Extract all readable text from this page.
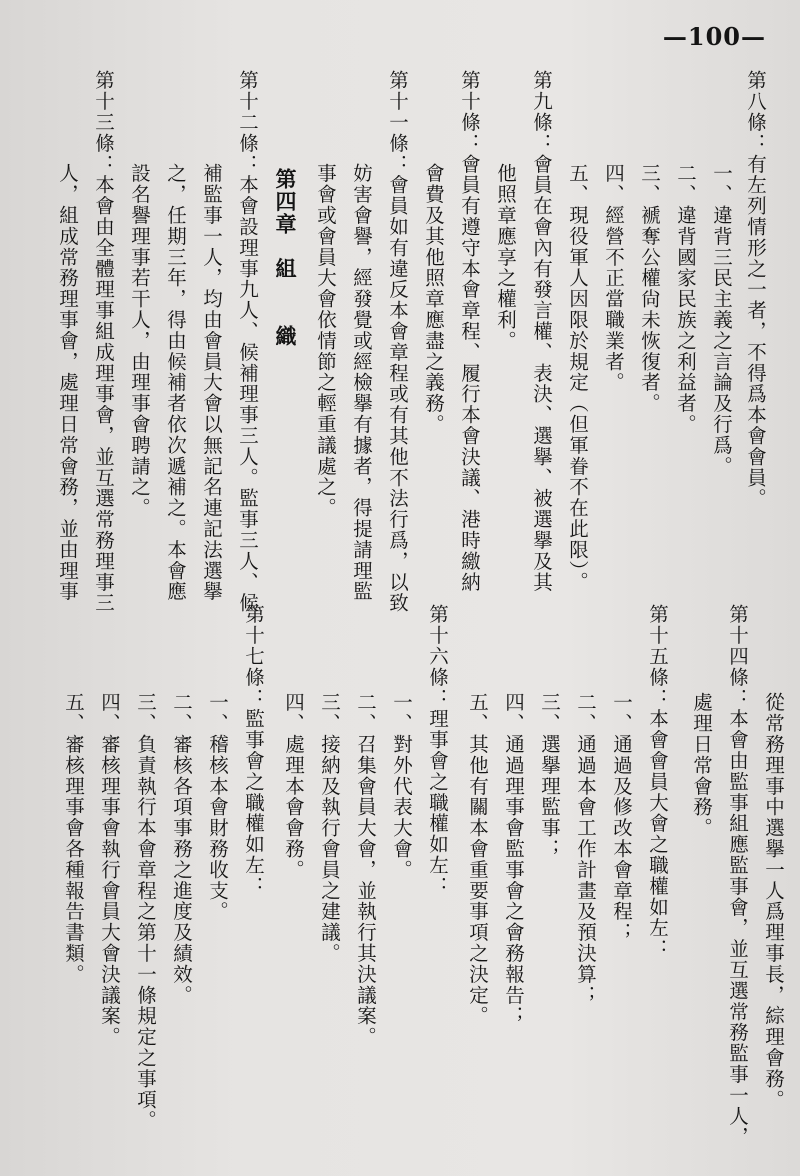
—100—
第八條：有左列情形之一者，不得爲本會會員。
一、違背三民主義之言論及行爲。
二、違背國家民族之利益者。
三、褫奪公權尙未恢復者。
四、經營不正當職業者。
五、現役軍人因限於規定（但軍眷不在此限）。
第九條：會員在會內有發言權、表決、選擧、被選擧及其
他照章應享之權利。
第十條：會員有遵守本會章程、履行本會決議、港時繳納
會費及其他照章應盡之義務。
第十一條：會員如有違反本會章程或有其他不法行爲，以致
妨害會譽，經發覺或經檢擧有據者，得提請理監
事會或會員大會依情節之輕重議處之。
第四章　組　　織
第十二條：本會設理事九人、候補理事三人。監事三人、候
補監事一人，均由會員大會以無記名連記法選擧
之，任期三年，得由候補者依次遞補之。本會應
設名譽理事若干人，由理事會聘請之。
第十三條：本會由全體理事組成理事會，並互選常務理事三
人，組成常務理事會，處理日常會務，並由理事
從常務理事中選擧一人爲理事長，綜理會務。
第十四條：本會由監事組應監事會，並互選常務監事一人，
處理日常會務。
第十五條：本會會員大會之職權如左：
一、通過及修改本會章程；
二、通過本會工作計畫及預決算；
三、選擧理監事；
四、通過理事會監事會之會務報告；
五、其他有關本會重要事項之決定。
第十六條：理事會之職權如左：
一、對外代表大會。
二、召集會員大會，並執行其決議案。
三、接納及執行會員之建議。
四、處理本會會務。
第十七條：監事會之職權如左：
一、稽核本會財務收支。
二、審核各項事務之進度及績效。
三、負責執行本會章程之第十一條規定之事項。
四、審核理事會執行會員大會決議案。
五、審核理事會各種報告書類。
